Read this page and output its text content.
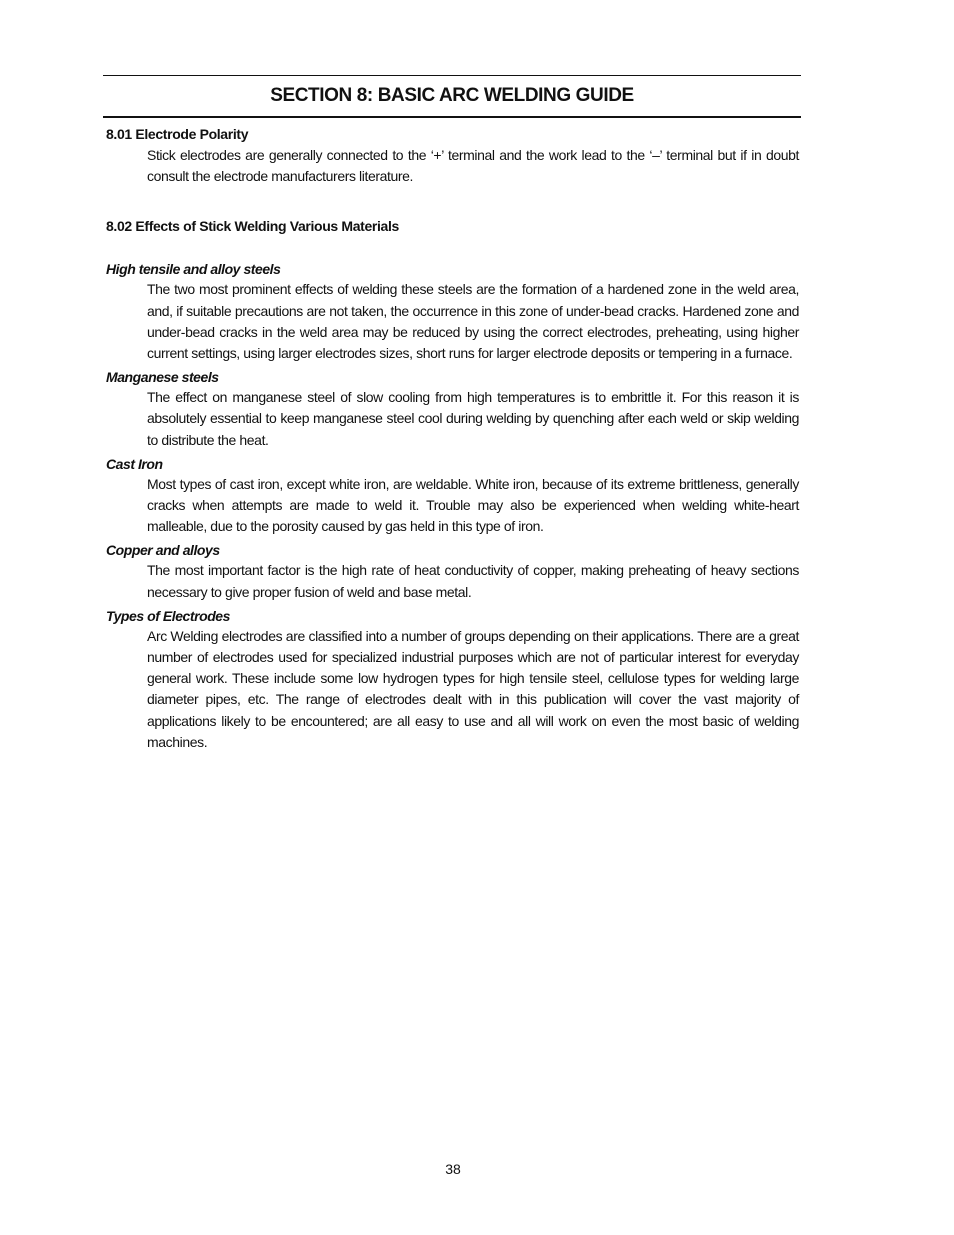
SECTION 8: BASIC ARC WELDING GUIDE
8.01 Electrode Polarity

Stick electrodes are generally connected to the ‘+’ terminal and the work lead to the ‘–’ terminal but if in doubt consult the electrode manufacturers literature.

8.02 Effects of Stick Welding Various Materials
High tensile and alloy steels

The two most prominent effects of welding these steels are the formation of a hardened zone in the weld area, and, if suitable precautions are not taken, the occurrence in this zone of under-bead cracks. Hardened zone and under-bead cracks in the weld area may be reduced by using the correct electrodes, preheating, using higher current settings, using larger electrodes sizes, short runs for larger electrode deposits or tempering in a furnace.

Manganese steels

The effect on manganese steel of slow cooling from high temperatures is to embrittle it. For this reason it is absolutely essential to keep manganese steel cool during welding by quenching after each weld or skip welding to distribute the heat.

Cast Iron

Most types of cast iron, except white iron, are weldable. White iron, because of its extreme brittleness, generally cracks when attempts are made to weld it. Trouble may also be experienced when welding white-heart malleable, due to the porosity caused by gas held in this type of iron.

Copper and alloys

The most important factor is the high rate of heat conductivity of copper, making preheating of heavy sections necessary to give proper fusion of weld and base metal.

Types of Electrodes

Arc Welding electrodes are classified into a number of groups depending on their applications. There are a great number of electrodes used for specialized industrial purposes which are not of particular interest for everyday general work. These include some low hydrogen types for high tensile steel, cellulose types for welding large diameter pipes, etc. The range of electrodes dealt with in this publication will cover the vast majority of applications likely to be encountered; are all easy to use and all will work on even the most basic of welding machines.

38
